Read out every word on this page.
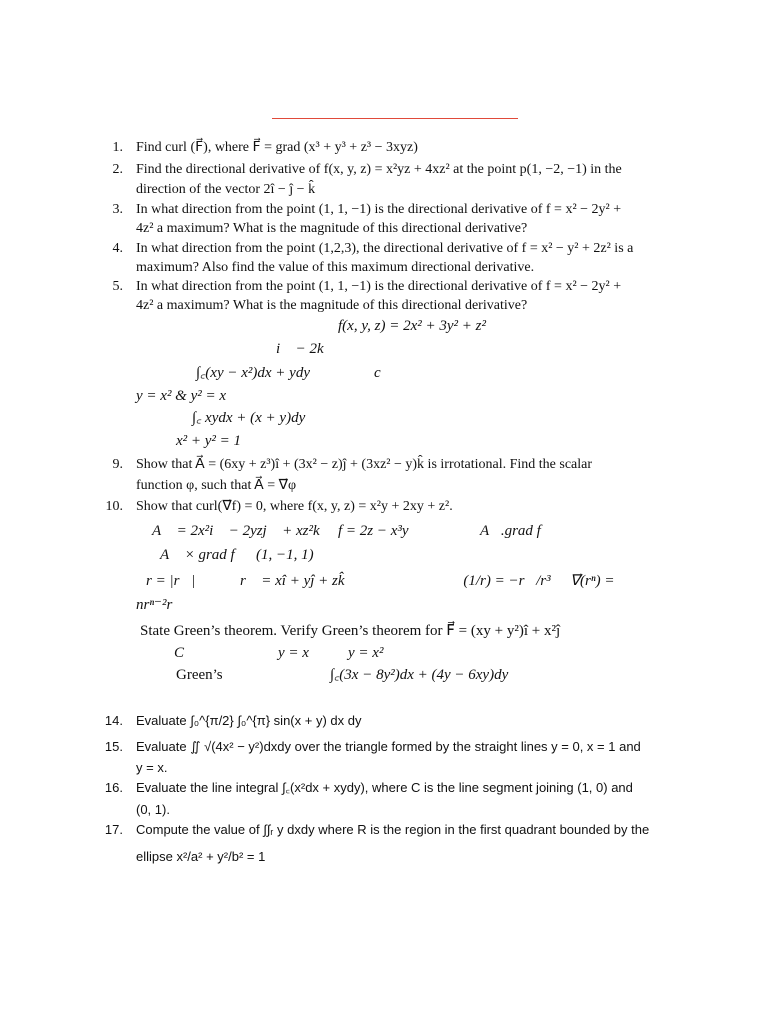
1. Find curl (F⃗), where F⃗ = grad (x³ + y³ + z³ − 3xyz)
2. Find the directional derivative of f(x, y, z) = x²yz + 4xz² at the point p(1, −2, −1) in the
direction of the vector 2î − ĵ − k̂
3. In what direction from the point (1, 1, −1) is the directional derivative of f = x² − 2y² +
4z² a maximum? What is the magnitude of this directional derivative?
4. In what direction from the point (1,2,3), the directional derivative of f = x² − y² + 2z² is a
maximum? Also find the value of this maximum directional derivative.
5. In what direction from the point (1, 1, −1) is the directional derivative of f = x² − 2y² +
4z² a maximum? What is the magnitude of this directional derivative?
f(x, y, z) = 2x² + 3y² + z²
i⃗ − 2k⃗
∫꜀(xy − x²)dx + ydy	c
y = x² & y² = x
∫꜀ xydx + (x + y)dy
x² + y² = 1
9. Show that A⃗ = (6xy + z³)î + (3x² − z)ĵ + (3xz² − y)k̂ is irrotational. Find the scalar
function φ, such that A⃗ = ∇⃗φ
10. Show that curl(∇⃗f) = 0, where f(x, y, z) = x²y + 2xy + z².
A⃗ = 2x²i⃗ − 2yzj⃗ + xz²k⃗ f = 2z − x³y	A⃗.grad f
A⃗ × grad f (1, −1, 1)
r = |r⃗|	r⃗ = xî + yĵ + zk̂	∇⃗(1/r) = −r⃗/r³ ∇⃗(rⁿ) =
nrⁿ⁻²r⃗
State Green’s theorem. Verify Green’s theorem for F⃗ = (xy + y²)î + x²ĵ
C	y = x	y = x²
Green’s	∫꜀(3x − 8y²)dx + (4y − 6xy)dy
14. Evaluate ∫₀^{π/2} ∫₀^{π} sin(x + y) dx dy
15. Evaluate ∬ √(4x² − y²)dxdy over the triangle formed by the straight lines y = 0, x = 1 and
y = x.
16. Evaluate the line integral ∫꜀(x²dx + xydy), where C is the line segment joining (1, 0) and
(0, 1).
17. Compute the value of ∫∫ᵣ y dxdy where R is the region in the first quadrant bounded by the
ellipse x²/a² + y²/b² = 1
